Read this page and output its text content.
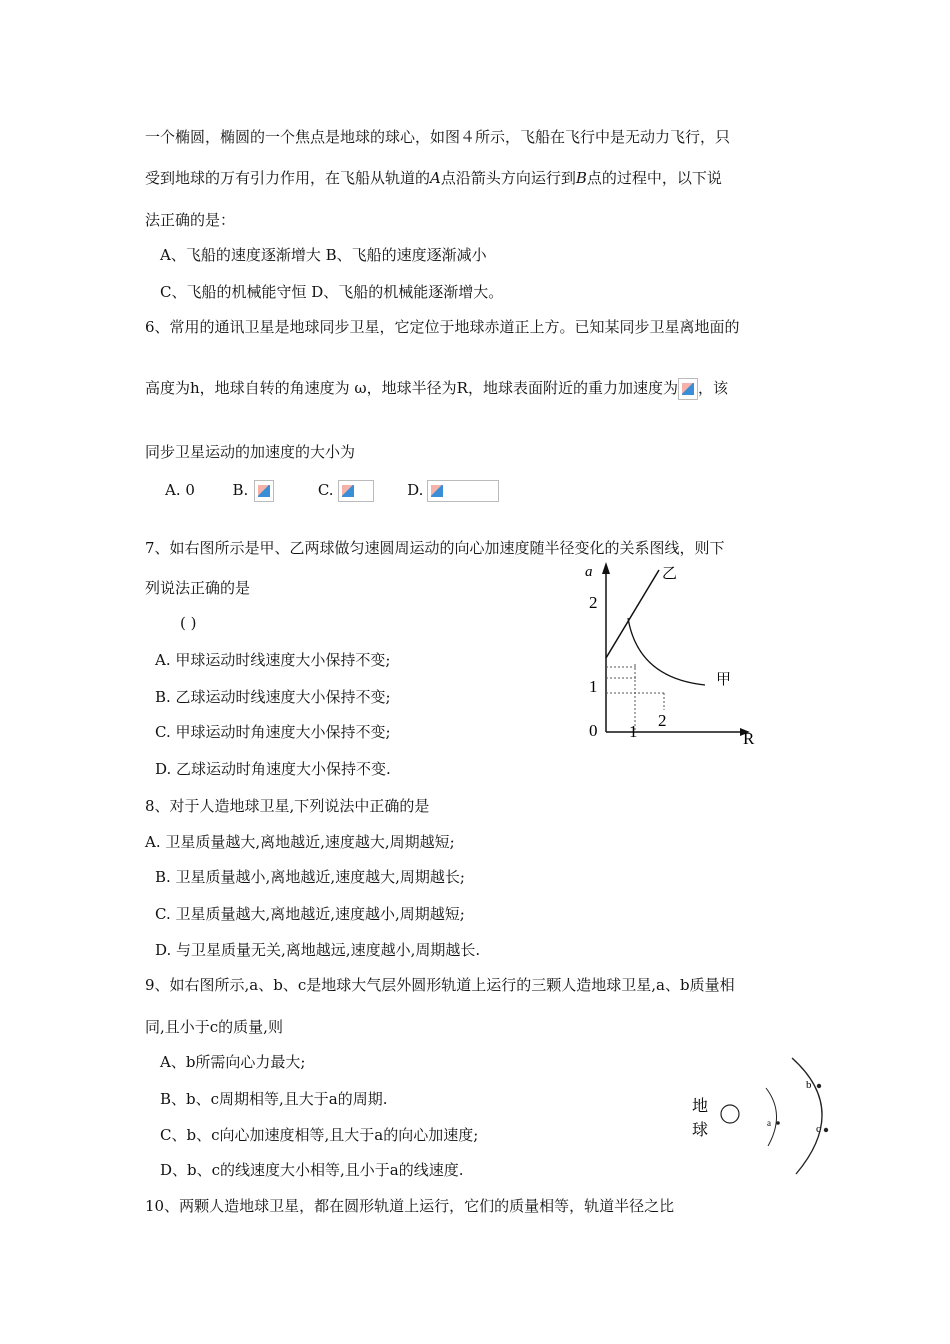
一个椭圆，椭圆的一个焦点是地球的球心，如图４所示，飞船在飞行中是无动力飞行，只
受到地球的万有引力作用，在飞船从轨道的A点沿箭头方向运行到B点的过程中，以下说
法正确的是：
A、飞船的速度逐渐增大 B、飞船的速度逐渐减小
C、飞船的机械能守恒 D、飞船的机械能逐渐增大。
6、常用的通讯卫星是地球同步卫星，它定位于地球赤道正上方。已知某同步卫星离地面的
高度为h，地球自转的角速度为 ω，地球半径为R，地球表面附近的重力加速度为 ，该
同步卫星运动的加速度的大小为
A. 0	B.	C.	D.
7、如右图所示是甲、乙两球做匀速圆周运动的向心加速度随半径变化的关系图线，则下
列说法正确的是
( )
A. 甲球运动时线速度大小保持不变;
B. 乙球运动时线速度大小保持不变;
C. 甲球运动时角速度大小保持不变;
D. 乙球运动时角速度大小保持不变.
a	乙
2
甲
1
2
0 1	R
8、对于人造地球卫星,下列说法中正确的是
A. 卫星质量越大,离地越近,速度越大,周期越短;
B. 卫星质量越小,离地越近,速度越大,周期越长;
C. 卫星质量越大,离地越近,速度越小,周期越短;
D. 与卫星质量无关,离地越远,速度越小,周期越长.
9、如右图所示,a、b、c是地球大气层外圆形轨道上运行的三颗人造地球卫星,a、b质量相
同,且小于c的质量,则
A、b所需向心力最大;
B、b、c周期相等,且大于a的周期.
C、b、c向心加速度相等,且大于a的向心加速度;
D、b、c的线速度大小相等,且小于a的线速度.
地
球	a
b
c
10、两颗人造地球卫星，都在圆形轨道上运行，它们的质量相等，轨道半径之比
